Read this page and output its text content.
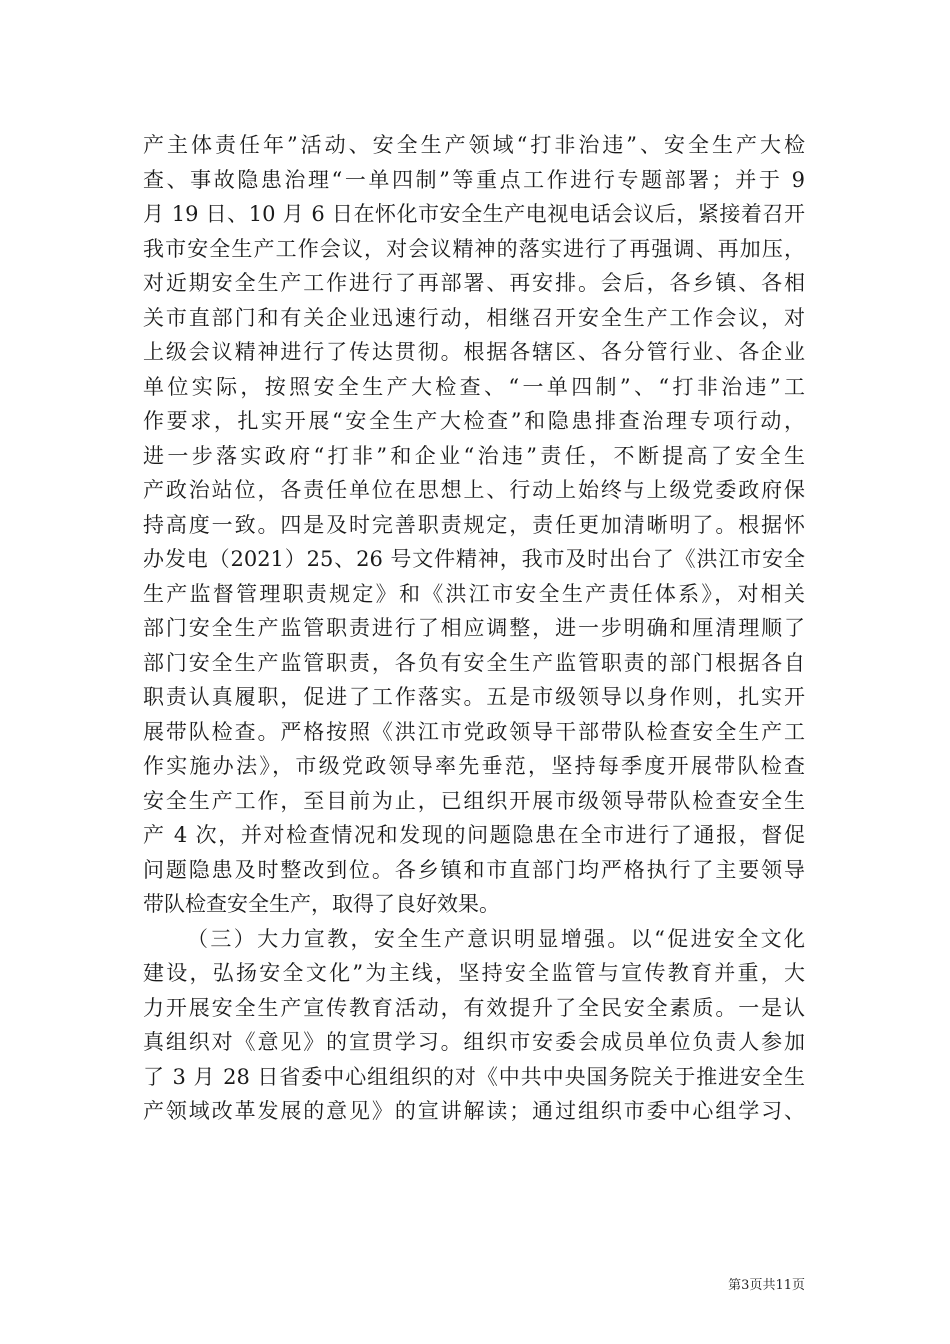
产主体责任年”活动、安全生产领域“打非治违”、安全生产大检
查、事故隐患治理“一单四制”等重点工作进行专题部署；并于 9
月 19 日、10 月 6 日在怀化市安全生产电视电话会议后，紧接着召开
我市安全生产工作会议，对会议精神的落实进行了再强调、再加压，
对近期安全生产工作进行了再部署、再安排。会后，各乡镇、各相
关市直部门和有关企业迅速行动，相继召开安全生产工作会议，对
上级会议精神进行了传达贯彻。根据各辖区、各分管行业、各企业
单位实际，按照安全生产大检查、“一单四制”、“打非治违”工
作要求，扎实开展“安全生产大检查”和隐患排查治理专项行动，
进一步落实政府“打非”和企业“治违”责任，不断提高了安全生
产政治站位，各责任单位在思想上、行动上始终与上级党委政府保
持高度一致。四是及时完善职责规定，责任更加清晰明了。根据怀
办发电（2021）25、26 号文件精神，我市及时出台了《洪江市安全
生产监督管理职责规定》和《洪江市安全生产责任体系》，对相关
部门安全生产监管职责进行了相应调整，进一步明确和厘清理顺了
部门安全生产监管职责，各负有安全生产监管职责的部门根据各自
职责认真履职，促进了工作落实。五是市级领导以身作则，扎实开
展带队检查。严格按照《洪江市党政领导干部带队检查安全生产工
作实施办法》，市级党政领导率先垂范，坚持每季度开展带队检查
安全生产工作，至目前为止，已组织开展市级领导带队检查安全生
产 4 次，并对检查情况和发现的问题隐患在全市进行了通报，督促
问题隐患及时整改到位。各乡镇和市直部门均严格执行了主要领导
带队检查安全生产，取得了良好效果。
（三）大力宣教，安全生产意识明显增强。以“促进安全文化
建设，弘扬安全文化”为主线，坚持安全监管与宣传教育并重，大
力开展安全生产宣传教育活动，有效提升了全民安全素质。一是认
真组织对《意见》的宣贯学习。组织市安委会成员单位负责人参加
了 3 月 28 日省委中心组组织的对《中共中央国务院关于推进安全生
产领域改革发展的意见》的宣讲解读；通过组织市委中心组学习、
第3页共11页
